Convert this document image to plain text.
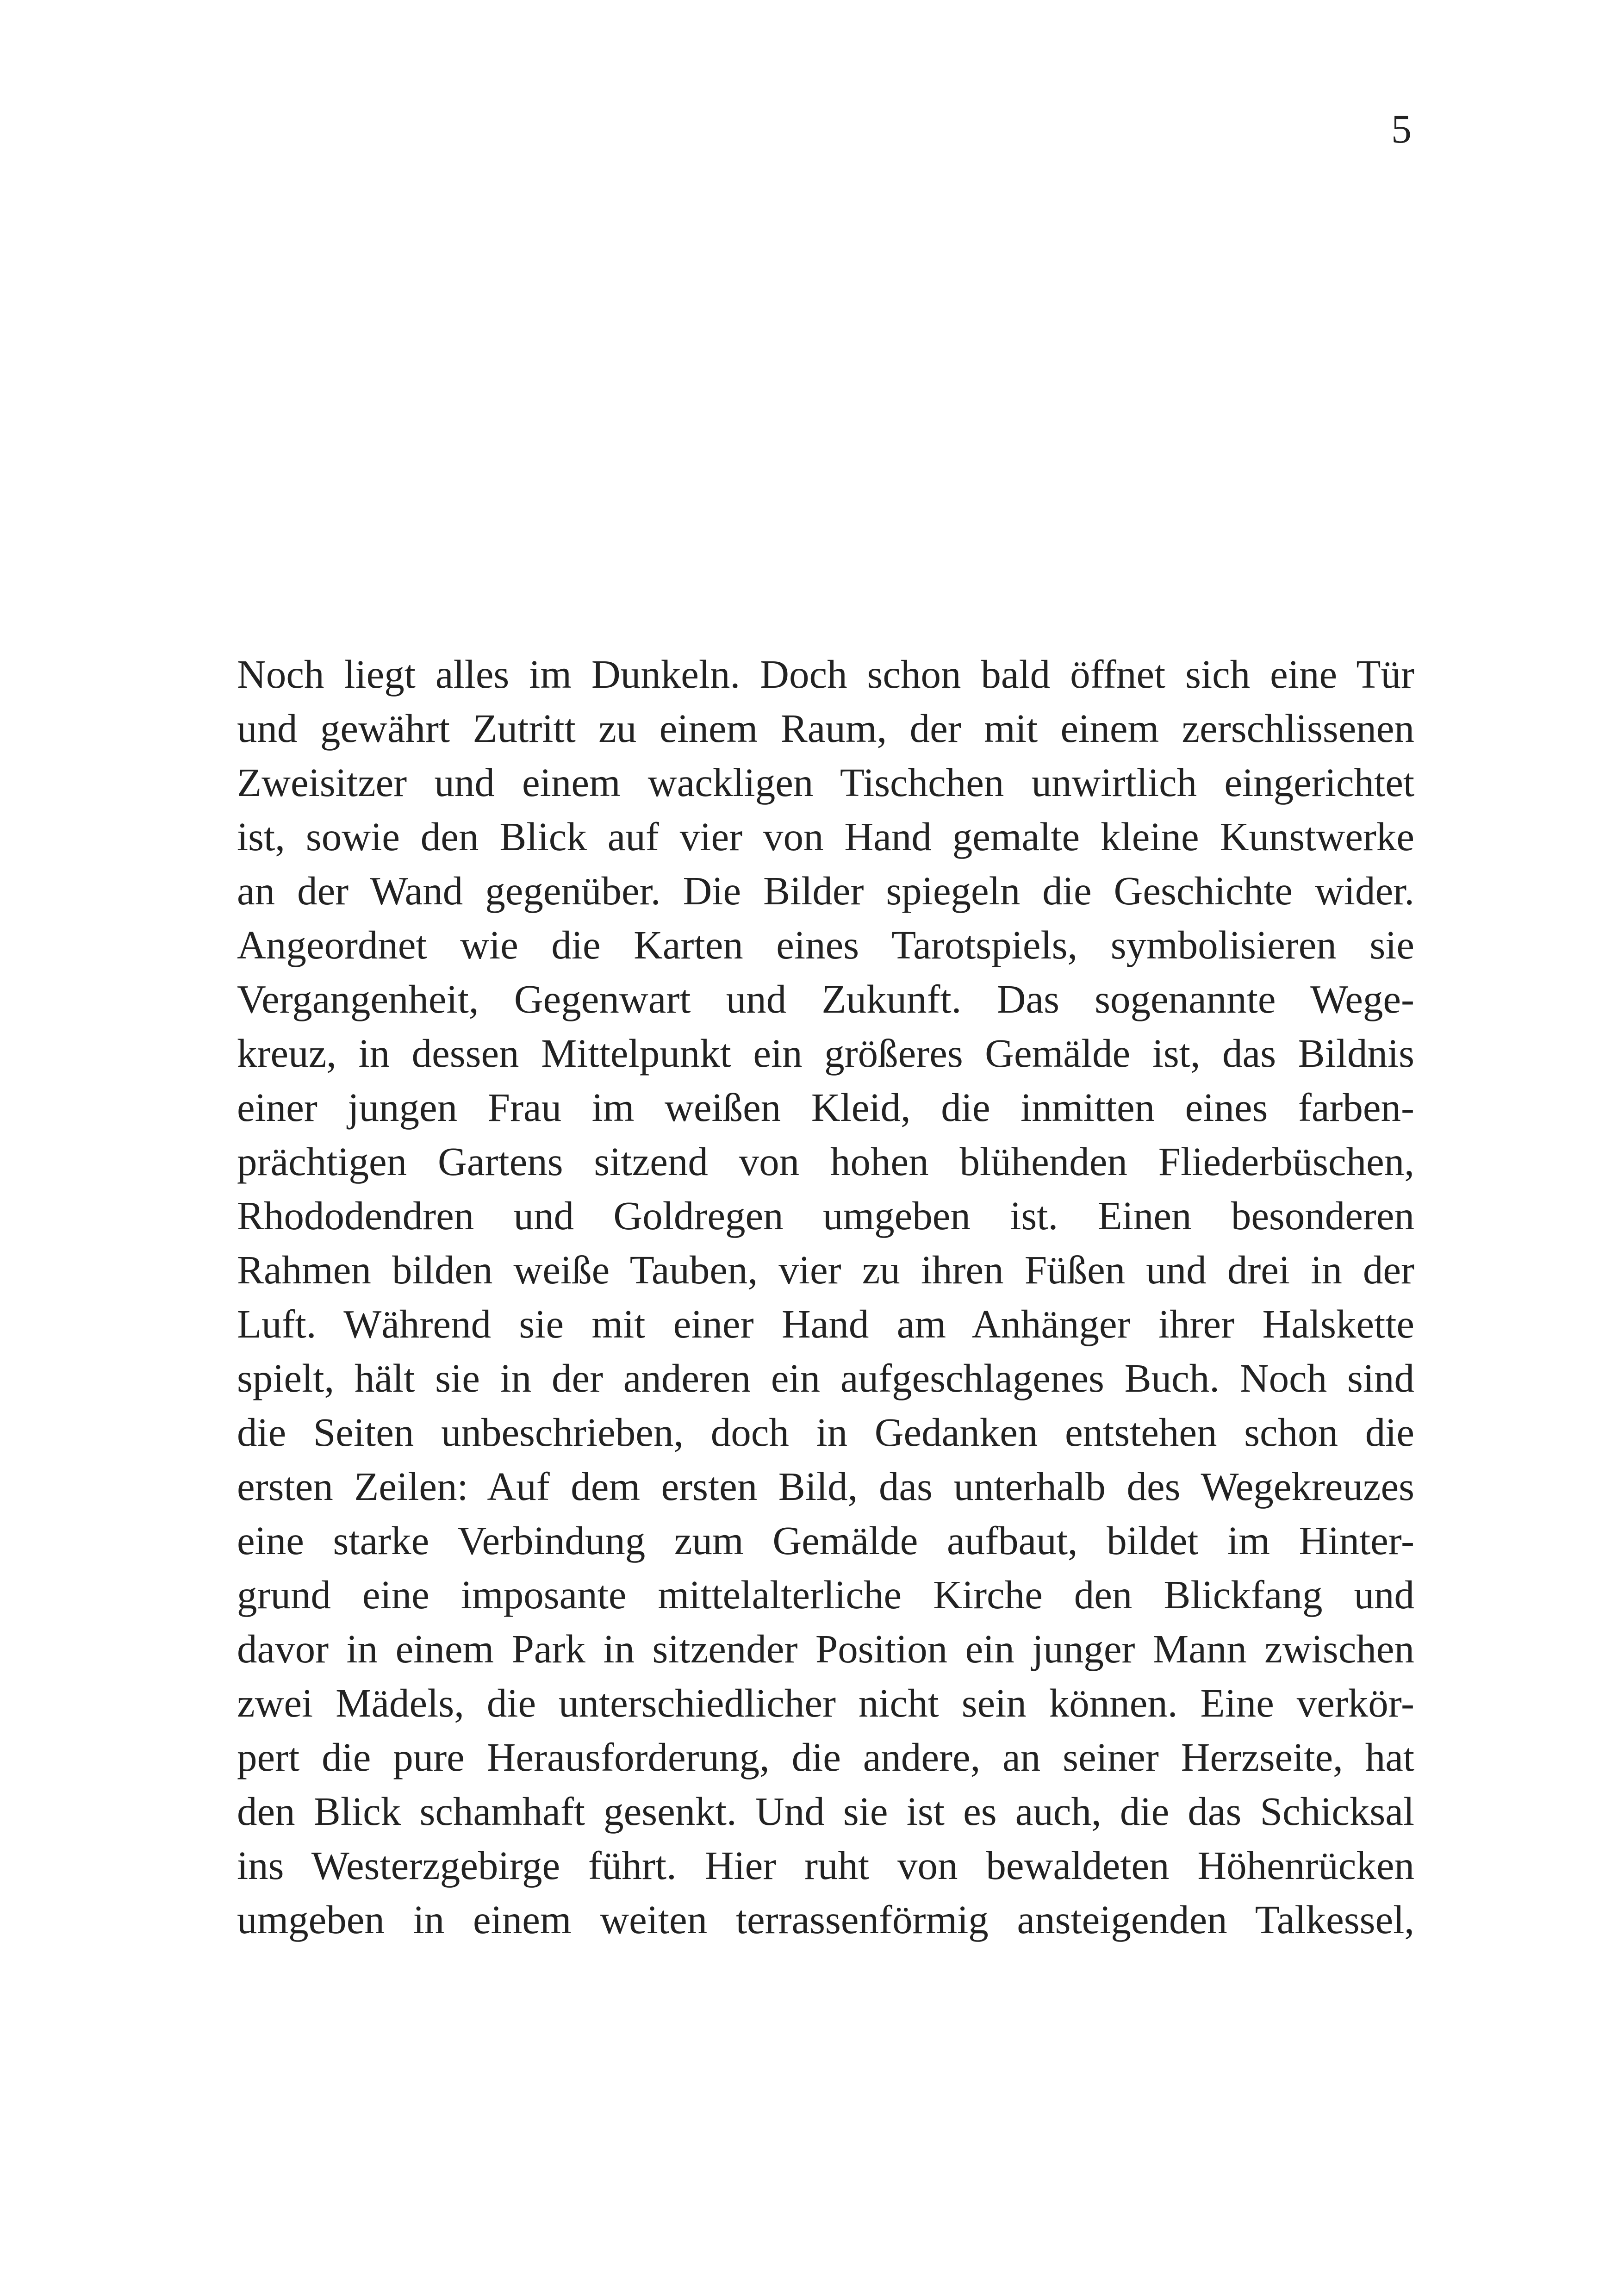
5
Noch liegt alles im Dunkeln. Doch schon bald öffnet sich eine Tür
und gewährt Zutritt zu einem Raum, der mit einem zerschlissenen
Zweisitzer und einem wackligen Tischchen unwirtlich eingerichtet
ist, sowie den Blick auf vier von Hand gemalte kleine Kunstwerke
an der Wand gegenüber. Die Bilder spiegeln die Geschichte wider.
Angeordnet wie die Karten eines Tarotspiels, symbolisieren sie
Vergangenheit, Gegenwart und Zukunft. Das sogenannte Wege-
kreuz, in dessen Mittelpunkt ein größeres Gemälde ist, das Bildnis
einer jungen Frau im weißen Kleid, die inmitten eines farben-
prächtigen Gartens sitzend von hohen blühenden Fliederbüschen,
Rhododendren und Goldregen umgeben ist. Einen besonderen
Rahmen bilden weiße Tauben, vier zu ihren Füßen und drei in der
Luft. Während sie mit einer Hand am Anhänger ihrer Halskette
spielt, hält sie in der anderen ein aufgeschlagenes Buch. Noch sind
die Seiten unbeschrieben, doch in Gedanken entstehen schon die
ersten Zeilen: Auf dem ersten Bild, das unterhalb des Wegekreuzes
eine starke Verbindung zum Gemälde aufbaut, bildet im Hinter-
grund eine imposante mittelalterliche Kirche den Blickfang und
davor in einem Park in sitzender Position ein junger Mann zwischen
zwei Mädels, die unterschiedlicher nicht sein können. Eine verkör-
pert die pure Herausforderung, die andere, an seiner Herzseite, hat
den Blick schamhaft gesenkt. Und sie ist es auch, die das Schicksal
ins Westerzgebirge führt. Hier ruht von bewaldeten Höhenrücken
umgeben in einem weiten terrassenförmig ansteigenden Talkessel,
